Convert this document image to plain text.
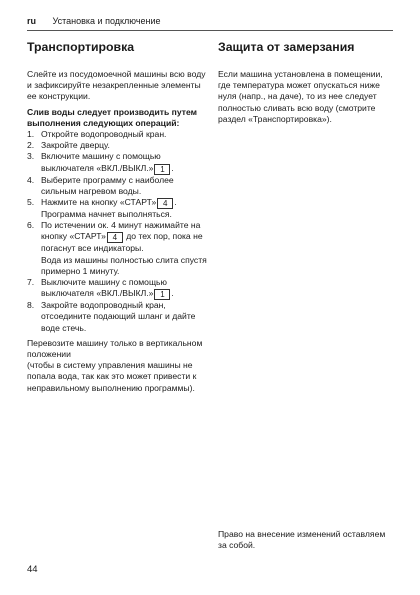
ru Установка и подключение
Транспортировка

Слейте из посудомоечной машины всю воду и зафиксируйте незакрепленные элементы ее конструкции.

Слив воды следует производить путем выполнения следующих операций:

1. Откройте водопроводный кран.
2. Закройте дверцу.
3. Включите машину с помощью выключателя «ВКЛ./ВЫКЛ.» 1 .
4. Выберите программу с наиболее сильным нагревом воды.
5. Нажмите на кнопку «СТАРТ» 4 .
Программа начнет выполняться.
6. По истечении ок. 4 минут нажимайте на кнопку «СТАРТ» 4 до тех пор, пока не погаснут все индикаторы.
Вода из машины полностью слита спустя примерно 1 минуту.
7. Выключите машину с помощью выключателя «ВКЛ./ВЫКЛ.» 1 .
8. Закройте водопроводный кран, отсоедините подающий шланг и дайте воде стечь.

Перевозите машину только в вертикальном положении

(чтобы в систему управления машины не попала вода, так как это может привести к неправильному выполнению программы).

Защита от замерзания

Если машина установлена в помещении, где температура может опускаться ниже нуля (напр., на даче), то из нее следует полностью сливать всю воду (смотрите раздел «Транспортировка»).

Право на внесение изменений оставляем за собой.
44
